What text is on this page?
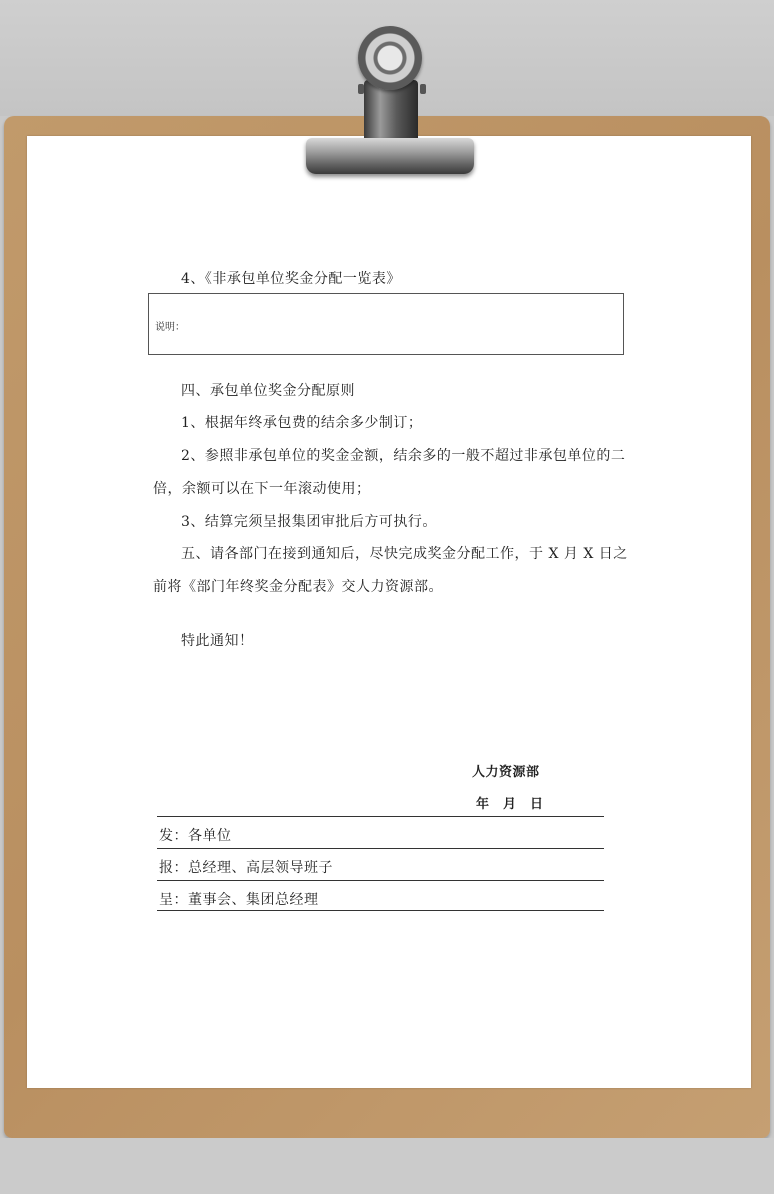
4、《非承包单位奖金分配一览表》
说明：
四、承包单位奖金分配原则
1、根据年终承包费的结余多少制订；
2、参照非承包单位的奖金金额，结余多的一般不超过非承包单位的二
倍，余额可以在下一年滚动使用；
3、结算完须呈报集团审批后方可执行。
五、请各部门在接到通知后，尽快完成奖金分配工作，于 X 月 X 日之
前将《部门年终奖金分配表》交人力资源部。
特此通知！
人力资源部
年　月　日
发：各单位
报：总经理、高层领导班子
呈：董事会、集团总经理
